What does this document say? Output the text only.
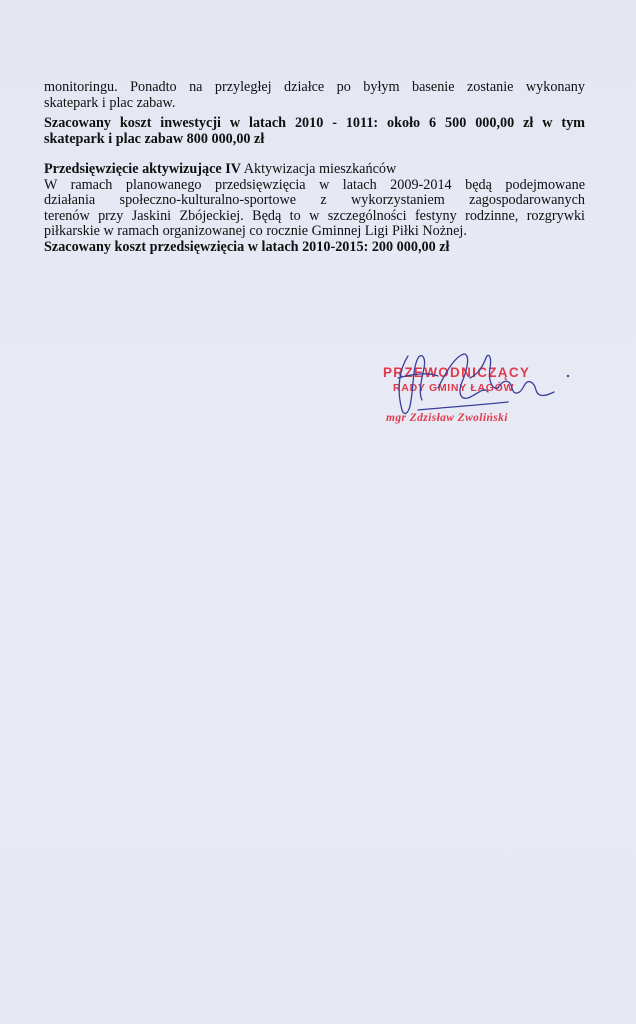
monitoringu. Ponadto na przyległej działce po byłym basenie zostanie wykonany
skatepark i plac zabaw.
Szacowany koszt inwestycji w latach 2010 - 1011: około 6 500 000,00 zł w tym
skatepark i plac zabaw 800 000,00 zł
Przedsięwzięcie aktywizujące IV Aktywizacja mieszkańców
W ramach planowanego przedsięwzięcia w latach 2009-2014 będą podejmowane
działania społeczno-kulturalno-sportowe z wykorzystaniem zagospodarowanych
terenów przy Jaskini Zbójeckiej. Będą to w szczególności festyny rodzinne, rozgrywki
piłkarskie w ramach organizowanej co rocznie Gminnej Ligi Piłki Nożnej.
Szacowany koszt przedsięwzięcia w latach 2010-2015: 200 000,00 zł
PRZEWODNICZĄCY
RADY GMINY ŁAGÓW
mgr Zdzisław Zwoliński
